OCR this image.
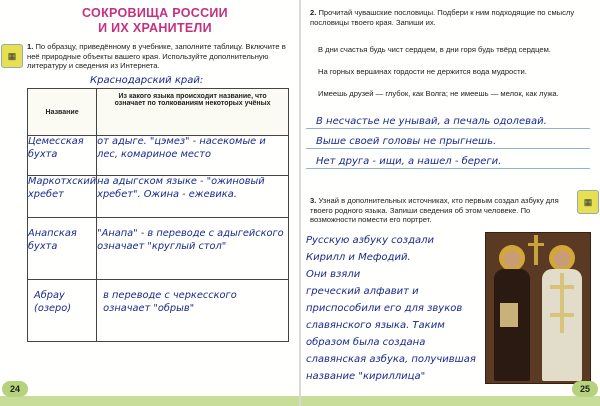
▦
СОКРОВИЩА РОССИИ
И ИХ ХРАНИТЕЛИ
1. По образцу, приведённому в учебнике, заполните таблицу. Включите в неё природные объекты вашего края. Используйте дополнительную литературу и сведения из Интернета.
Краснодарский край:
Название	Из какого языка происходит название, что означает по толкованиям некоторых учёных
Цемесская бухта	от адыге. "цэмез" - насекомые и лес, комариное место
Маркотхский хребет	на адыгском языке - "ожиновый хребет". Ожина - ежевика.
Анапская бухта	"Анапа" - в переводе с адыгейского означает "круглый стол"
Абрау (озеро)	в переводе с черкесского означает "обрыв"
24
2. Прочитай чувашские пословицы. Подбери к ним подходящие по смыслу пословицы твоего края. Запиши их.
В дни счастья будь чист сердцем, в дни горя будь твёрд сердцем.
На горных вершинах гордости не держится вода мудрости.
Имеешь друзей — глубок, как Волга; не имеешь — мелок, как лужа.
В несчастье не унывай, а печаль одолевай.
Выше своей головы не прыгнешь.
Нет друга - ищи, а нашел - береги.
▦
3. Узнай в дополнительных источниках, кто первым создал азбуку для твоего родного языка. Запиши сведения об этом человеке. По возможности помести его портрет.
Русскую азбуку создали
Кирилл и Мефодий.
Они взяли
греческий алфавит и
приспособили его для звуков
славянского языка. Таким
образом была создана
славянская азбука, получившая
название "кириллица"
25
